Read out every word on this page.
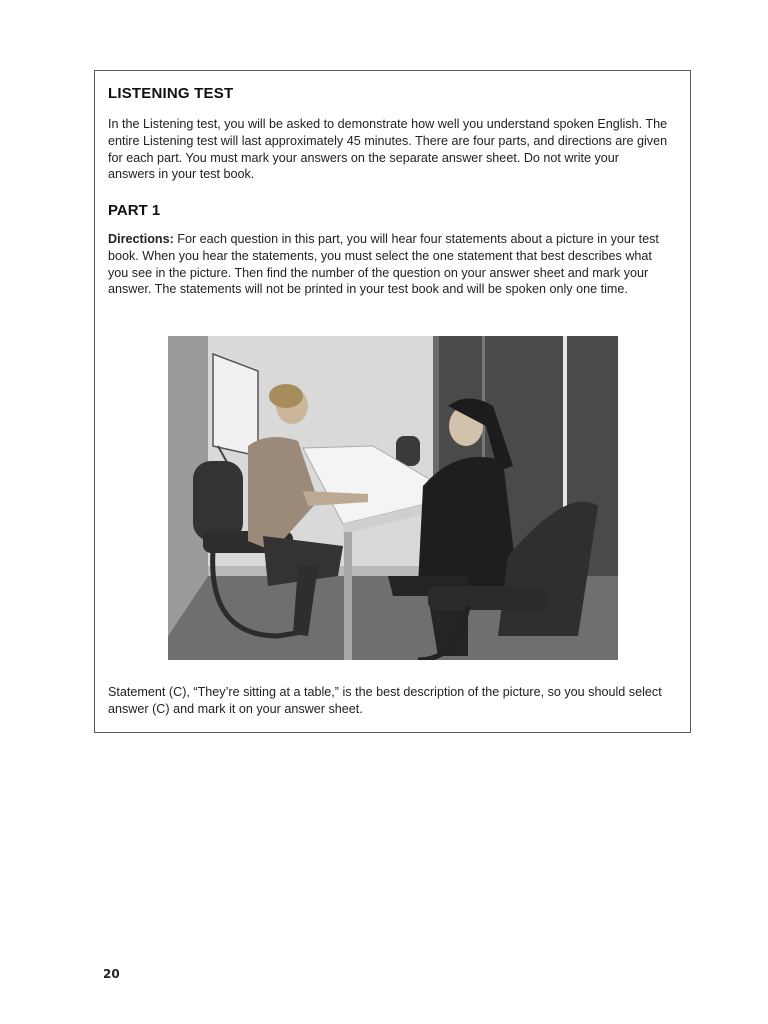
LISTENING TEST
In the Listening test, you will be asked to demonstrate how well you understand spoken English. The entire Listening test will last approximately 45 minutes. There are four parts, and directions are given for each part. You must mark your answers on the separate answer sheet. Do not write your answers in your test book.
PART 1
Directions: For each question in this part, you will hear four statements about a picture in your test book. When you hear the statements, you must select the one statement that best describes what you see in the picture. Then find the number of the question on your answer sheet and mark your answer. The statements will not be printed in your test book and will be spoken only one time.
Statement (C), “They’re sitting at a table,” is the best description of the picture, so you should select answer (C) and mark it on your answer sheet.
20
